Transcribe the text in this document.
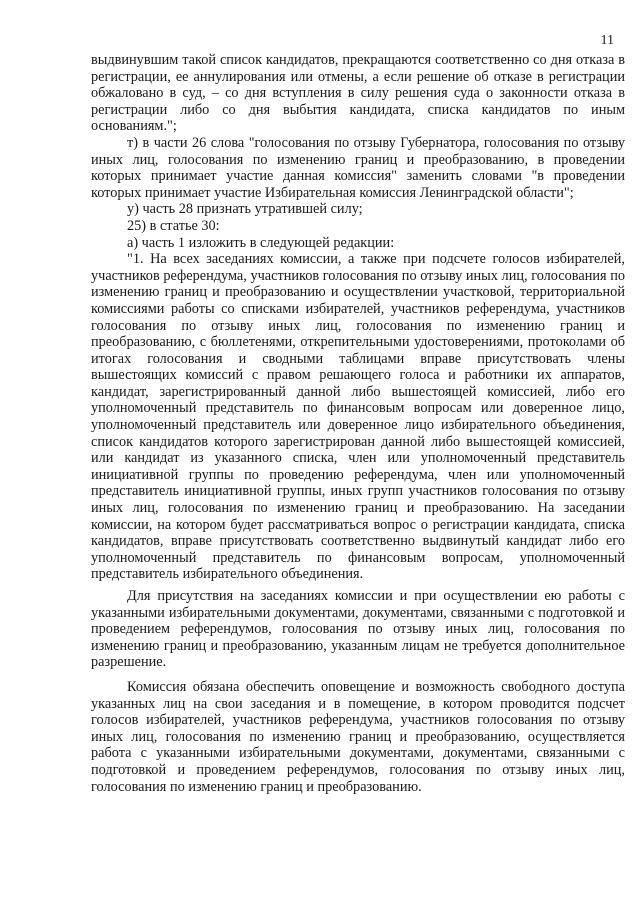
11

выдвинувшим такой список кандидатов, прекращаются соответственно со дня отказа в регистрации, ее аннулирования или отмены, а если решение об отказе в регистрации обжаловано в суд, – со дня вступления в силу решения суда о законности отказа в регистрации либо со дня выбытия кандидата, списка кандидатов по иным основаниям.";

т) в части 26 слова "голосования по отзыву Губернатора, голосования по отзыву иных лиц, голосования по изменению границ и преобразованию, в проведении которых принимает участие данная комиссия" заменить словами "в проведении которых принимает участие Избирательная комиссия Ленинградской области";

у) часть 28 признать утратившей силу;

25) в статье 30:

а) часть 1 изложить в следующей редакции:

"1. На всех заседаниях комиссии, а также при подсчете голосов избирателей, участников референдума, участников голосования по отзыву иных лиц, голосования по изменению границ и преобразованию и осуществлении участковой, территориальной комиссиями работы со списками избирателей, участников референдума, участников голосования по отзыву иных лиц, голосования по изменению границ и преобразованию, с бюллетенями, открепительными удостоверениями, протоколами об итогах голосования и сводными таблицами вправе присутствовать члены вышестоящих комиссий с правом решающего голоса и работники их аппаратов, кандидат, зарегистрированный данной либо вышестоящей комиссией, либо его уполномоченный представитель по финансовым вопросам или доверенное лицо, уполномоченный представитель или доверенное лицо избирательного объединения, список кандидатов которого зарегистрирован данной либо вышестоящей комиссией, или кандидат из указанного списка, член или уполномоченный представитель инициативной группы по проведению референдума, член или уполномоченный представитель инициативной группы, иных групп участников голосования по отзыву иных лиц, голосования по изменению границ и преобразованию. На заседании комиссии, на котором будет рассматриваться вопрос о регистрации кандидата, списка кандидатов, вправе присутствовать соответственно выдвинутый кандидат либо его уполномоченный представитель по финансовым вопросам, уполномоченный представитель избирательного объединения.

Для присутствия на заседаниях комиссии и при осуществлении ею работы с указанными избирательными документами, документами, связанными с подготовкой и проведением референдумов, голосования по отзыву иных лиц, голосования по изменению границ и преобразованию, указанным лицам не требуется дополнительное разрешение.

Комиссия обязана обеспечить оповещение и возможность свободного доступа указанных лиц на свои заседания и в помещение, в котором проводится подсчет голосов избирателей, участников референдума, участников голосования по отзыву иных лиц, голосования по изменению границ и преобразованию, осуществляется работа с указанными избирательными документами, документами, связанными с подготовкой и проведением референдумов, голосования по отзыву иных лиц, голосования по изменению границ и преобразованию.
